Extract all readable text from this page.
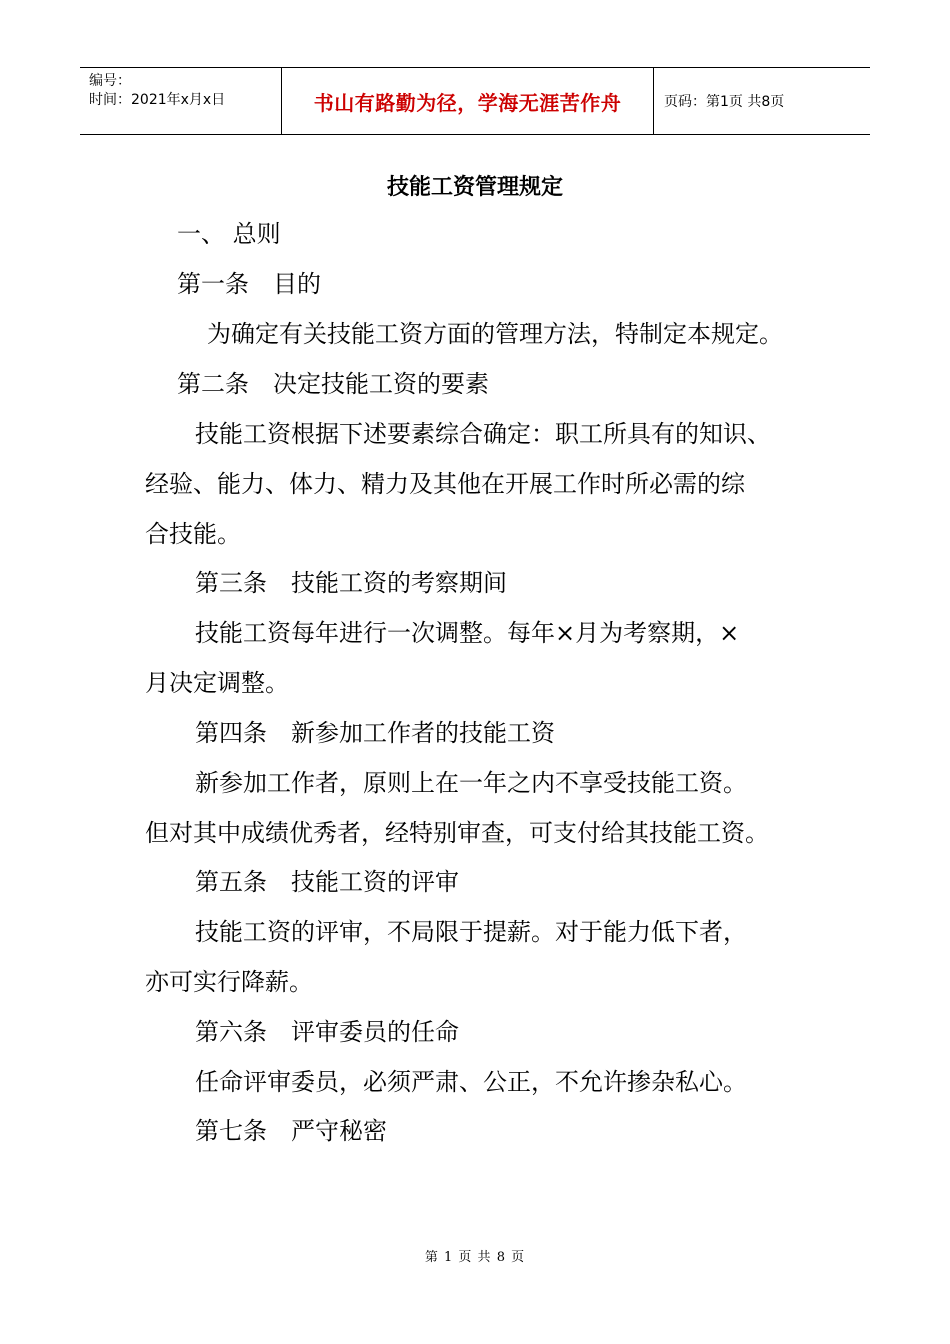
编号：
时间：2021年x月x日	书山有路勤为径，学海无涯苦作舟	页码：第1页 共8页
技能工资管理规定
一、 总则
第一条　目的
为确定有关技能工资方面的管理方法，特制定本规定。
第二条　决定技能工资的要素
技能工资根据下述要素综合确定：职工所具有的知识、
经验、能力、体力、精力及其他在开展工作时所必需的综
合技能。
第三条　技能工资的考察期间
技能工资每年进行一次调整。每年×月为考察期，×
月决定调整。
第四条　新参加工作者的技能工资
新参加工作者，原则上在一年之内不享受技能工资。
但对其中成绩优秀者，经特别审查，可支付给其技能工资。
第五条　技能工资的评审
技能工资的评审，不局限于提薪。对于能力低下者，
亦可实行降薪。
第六条　评审委员的任命
任命评审委员，必须严肃、公正，不允许掺杂私心。
第七条　严守秘密
第 1 页 共 8 页
